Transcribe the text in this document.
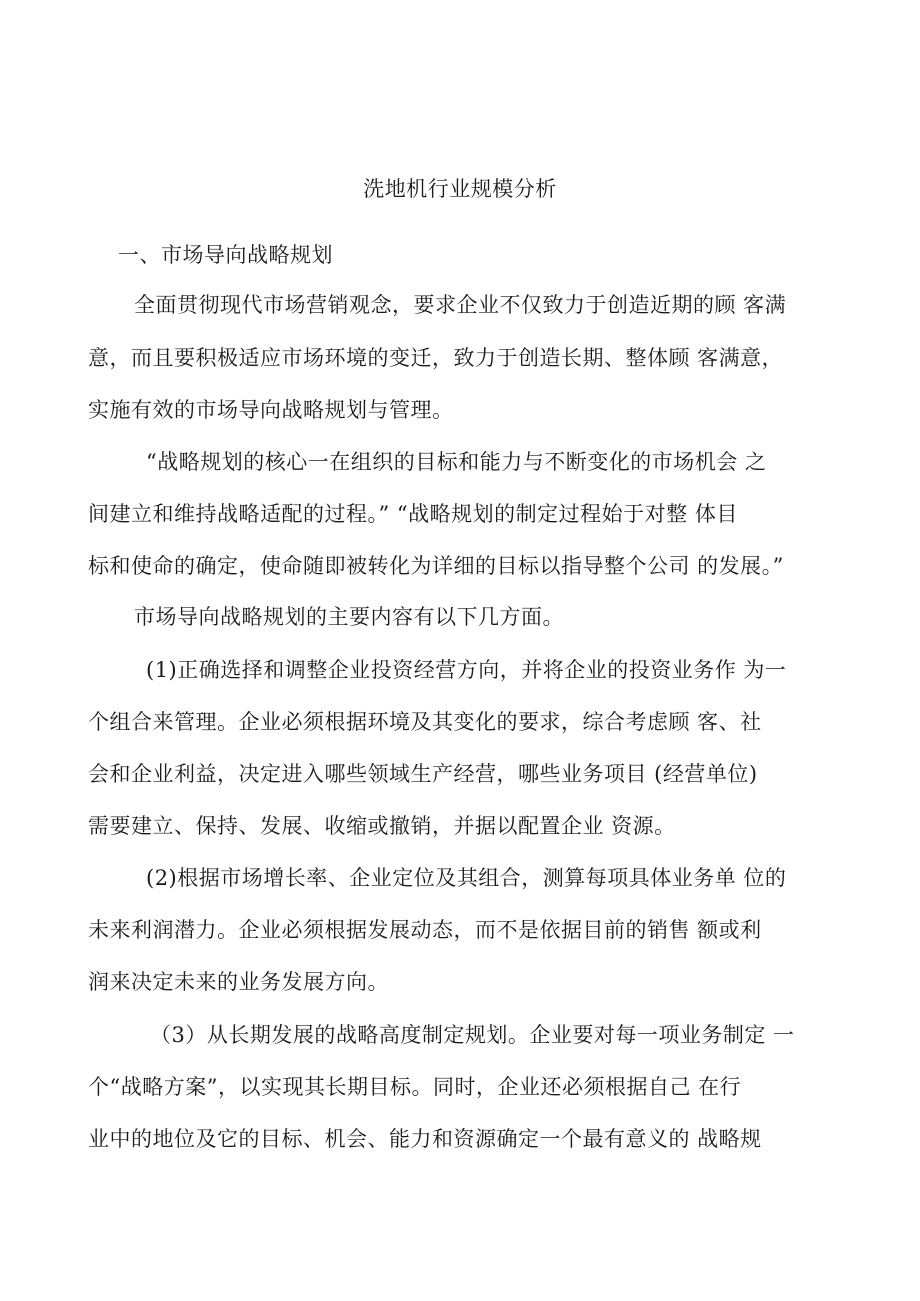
洗地机行业规模分析
一、市场导向战略规划
全面贯彻现代市场营销观念，要求企业不仅致力于创造近期的顾 客满
意，而且要积极适应市场环境的变迁，致力于创造长期、整体顾 客满意，
实施有效的市场导向战略规划与管理。
“战略规划的核心一在组织的目标和能力与不断变化的市场机会 之
间建立和维持战略适配的过程。” “战略规划的制定过程始于对整 体目
标和使命的确定，使命随即被转化为详细的目标以指导整个公司 的发展。”
市场导向战略规划的主要内容有以下几方面。
(1)正确选择和调整企业投资经营方向，并将企业的投资业务作 为一
个组合来管理。企业必须根据环境及其变化的要求，综合考虑顾 客、社
会和企业利益，决定进入哪些领域生产经营，哪些业务项目 (经营单位)
需要建立、保持、发展、收缩或撤销，并据以配置企业 资源。
(2)根据市场增长率、企业定位及其组合，测算每项具体业务单 位的
未来利润潜力。企业必须根据发展动态，而不是依据目前的销售 额或利
润来决定未来的业务发展方向。
（3）从长期发展的战略高度制定规划。企业要对每一项业务制定 一
个“战略方案”，以实现其长期目标。同时，企业还必须根据自己 在行
业中的地位及它的目标、机会、能力和资源确定一个最有意义的 战略规
